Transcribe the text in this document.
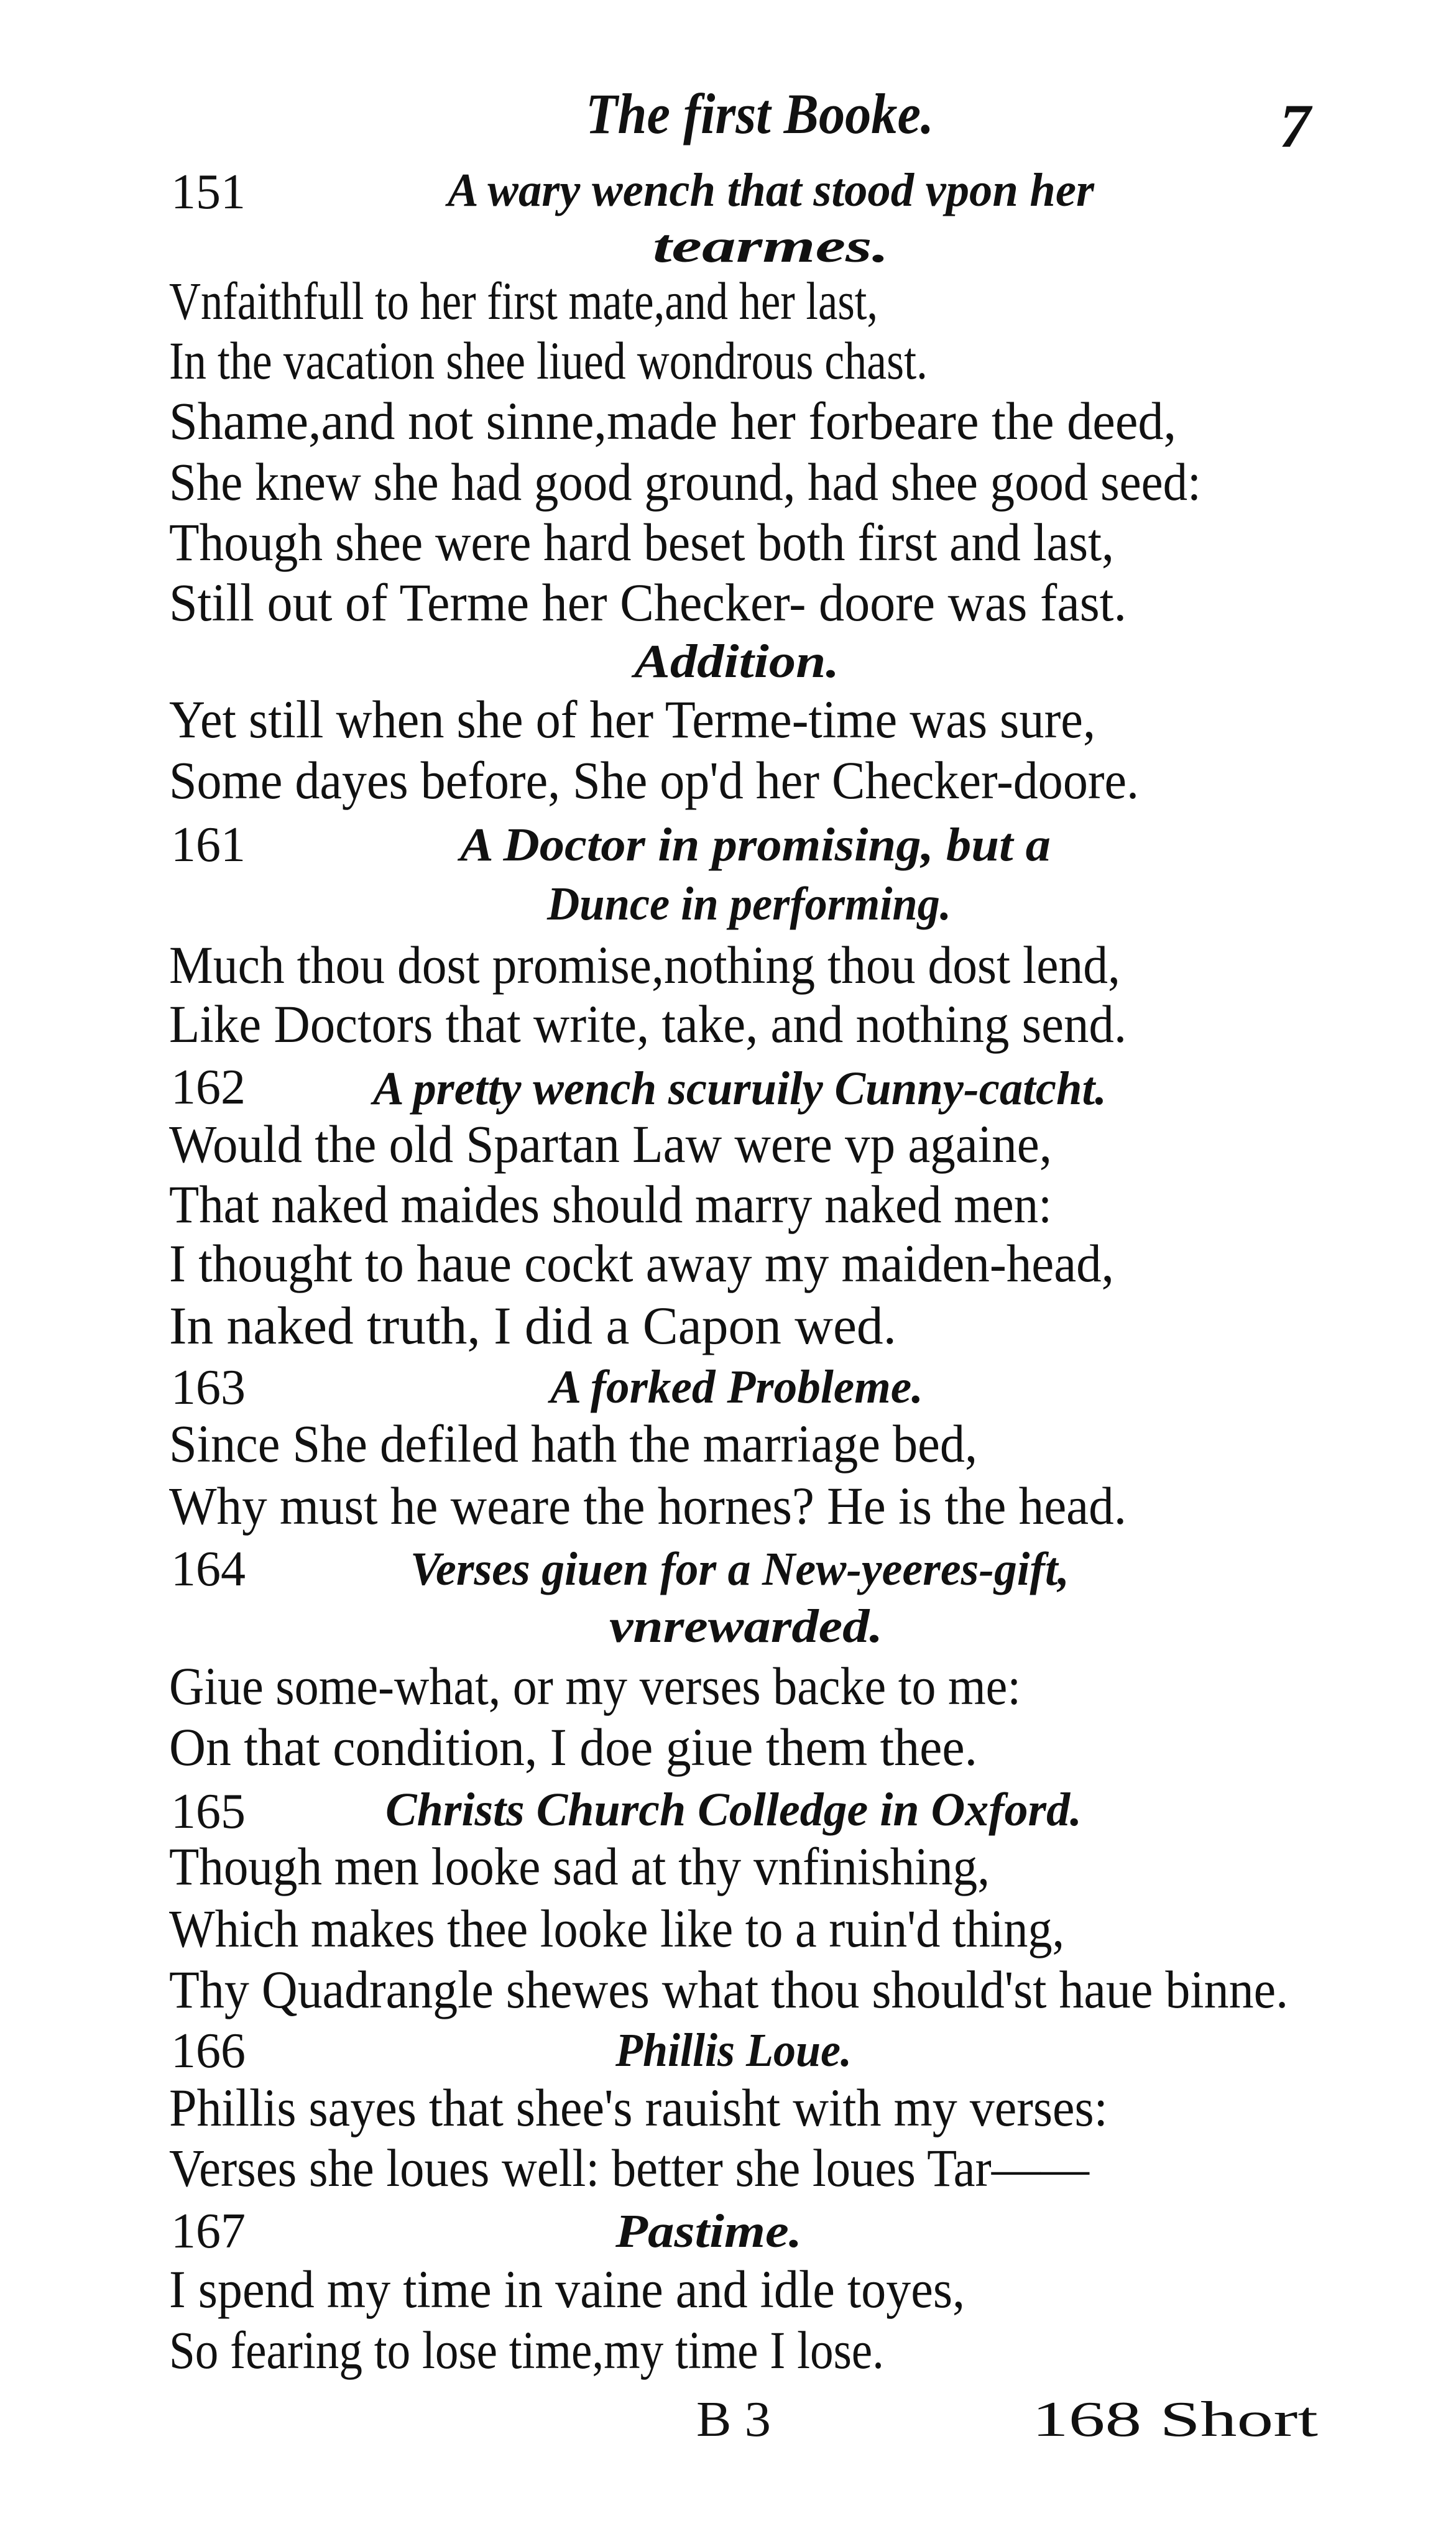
The first Booke.	7
151	A wary wench that stood vpon her
tearmes.
Vnfaithfull to her first mate,and her last,
In the vacation shee liued wondrous chast.
Shame,and not sinne,made her forbeare the deed,
She knew she had good ground, had shee good seed:
Though shee were hard beset both first and last,
Still out of Terme her Checker- doore was fast.
Addition.
Yet still when she of her Terme-time was sure,
Some dayes before, She op'd her Checker-doore.
161	A Doctor in promising, but a
Dunce in performing.
Much thou dost promise,nothing thou dost lend,
Like Doctors that write, take, and nothing send.
162	A pretty wench scuruily Cunny-catcht.
Would the old Spartan Law were vp againe,
That naked maides should marry naked men:
I thought to haue cockt away my maiden-head,
In naked truth, I did a Capon wed.
163	A forked Probleme.
Since She defiled hath the marriage bed,
Why must he weare the hornes? He is the head.
164	Verses giuen for a New-yeeres-gift,
vnrewarded.
Giue some-what, or my verses backe to me:
On that condition, I doe giue them thee.
165	Christs Church Colledge in Oxford.
Though men looke sad at thy vnfinishing,
Which makes thee looke like to a ruin'd thing,
Thy Quadrangle shewes what thou should'st haue binne.
166	Phillis Loue.
Phillis sayes that shee's rauisht with my verses:
Verses she loues well: better she loues Tar——
167	Pastime.
I spend my time in vaine and idle toyes,
So fearing to lose time,my time I lose.
B 3	168 Short
